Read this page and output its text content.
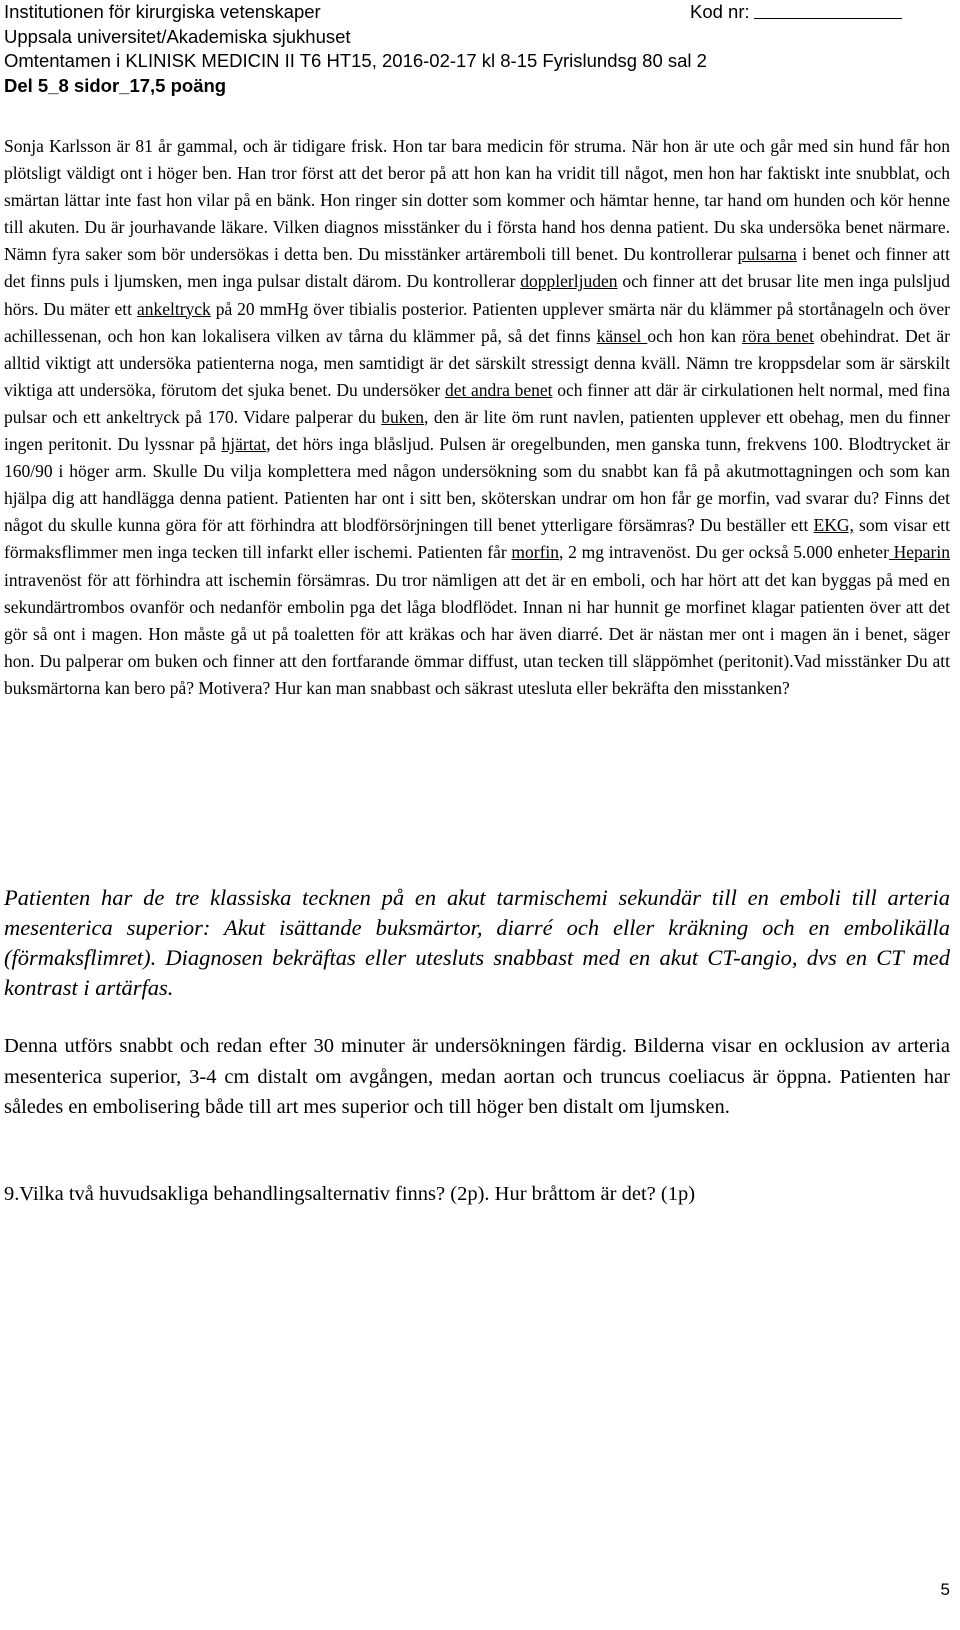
Institutionen för kirurgiska vetenskaper	Kod nr:
Uppsala universitet/Akademiska sjukhuset
Omtentamen i KLINISK MEDICIN II T6 HT15, 2016-02-17 kl 8-15 Fyrislundsg 80 sal 2
Del 5_8 sidor_17,5 poäng
Sonja Karlsson är 81 år gammal, och är tidigare frisk. Hon tar bara medicin för struma. När hon är ute och går med sin hund får hon plötsligt väldigt ont i höger ben. Han tror först att det beror på att hon kan ha vridit till något, men hon har faktiskt inte snubblat, och smärtan lättar inte fast hon vilar på en bänk. Hon ringer sin dotter som kommer och hämtar henne, tar hand om hunden och kör henne till akuten. Du är jourhavande läkare. Vilken diagnos misstänker du i första hand hos denna patient. Du ska undersöka benet närmare. Nämn fyra saker som bör undersökas i detta ben. Du misstänker artäremboli till benet. Du kontrollerar pulsarna i benet och finner att det finns puls i ljumsken, men inga pulsar distalt därom. Du kontrollerar dopplerljuden och finner att det brusar lite men inga pulsljud hörs. Du mäter ett ankeltryck på 20 mmHg över tibialis posterior. Patienten upplever smärta när du klämmer på stortånageln och över achillessenan, och hon kan lokalisera vilken av tårna du klämmer på, så det finns känsel och hon kan röra benet obehindrat. Det är alltid viktigt att undersöka patienterna noga, men samtidigt är det särskilt stressigt denna kväll. Nämn tre kroppsdelar som är särskilt viktiga att undersöka, förutom det sjuka benet. Du undersöker det andra benet och finner att där är cirkulationen helt normal, med fina pulsar och ett ankeltryck på 170. Vidare palperar du buken, den är lite öm runt navlen, patienten upplever ett obehag, men du finner ingen peritonit. Du lyssnar på hjärtat, det hörs inga blåsljud. Pulsen är oregelbunden, men ganska tunn, frekvens 100. Blodtrycket är 160/90 i höger arm. Skulle Du vilja komplettera med någon undersökning som du snabbt kan få på akutmottagningen och som kan hjälpa dig att handlägga denna patient. Patienten har ont i sitt ben, sköterskan undrar om hon får ge morfin, vad svarar du? Finns det något du skulle kunna göra för att förhindra att blodförsörjningen till benet ytterligare försämras? Du beställer ett EKG, som visar ett förmaksflimmer men inga tecken till infarkt eller ischemi. Patienten får morfin, 2 mg intravenöst. Du ger också 5.000 enheter Heparin intravenöst för att förhindra att ischemin försämras. Du tror nämligen att det är en emboli, och har hört att det kan byggas på med en sekundärtrombos ovanför och nedanför embolin pga det låga blodflödet. Innan ni har hunnit ge morfinet klagar patienten över att det gör så ont i magen. Hon måste gå ut på toaletten för att kräkas och har även diarré. Det är nästan mer ont i magen än i benet, säger hon. Du palperar om buken och finner att den fortfarande ömmar diffust, utan tecken till släppömhet (peritonit).Vad misstänker Du att buksmärtorna kan bero på? Motivera? Hur kan man snabbast och säkrast utesluta eller bekräfta den misstanken?
Patienten har de tre klassiska tecknen på en akut tarmischemi sekundär till en emboli till arteria mesenterica superior: Akut isättande buksmärtor, diarré och eller kräkning och en embolikälla (förmaksflimret). Diagnosen bekräftas eller utesluts snabbast med en akut CT-angio, dvs en CT med kontrast i artärfas.
Denna utförs snabbt och redan efter 30 minuter är undersökningen färdig. Bilderna visar en ocklusion av arteria mesenterica superior, 3-4 cm distalt om avgången, medan aortan och truncus coeliacus är öppna. Patienten har således en embolisering både till art mes superior och till höger ben distalt om ljumsken.
9.Vilka två huvudsakliga behandlingsalternativ finns? (2p). Hur bråttom är det? (1p)
5
